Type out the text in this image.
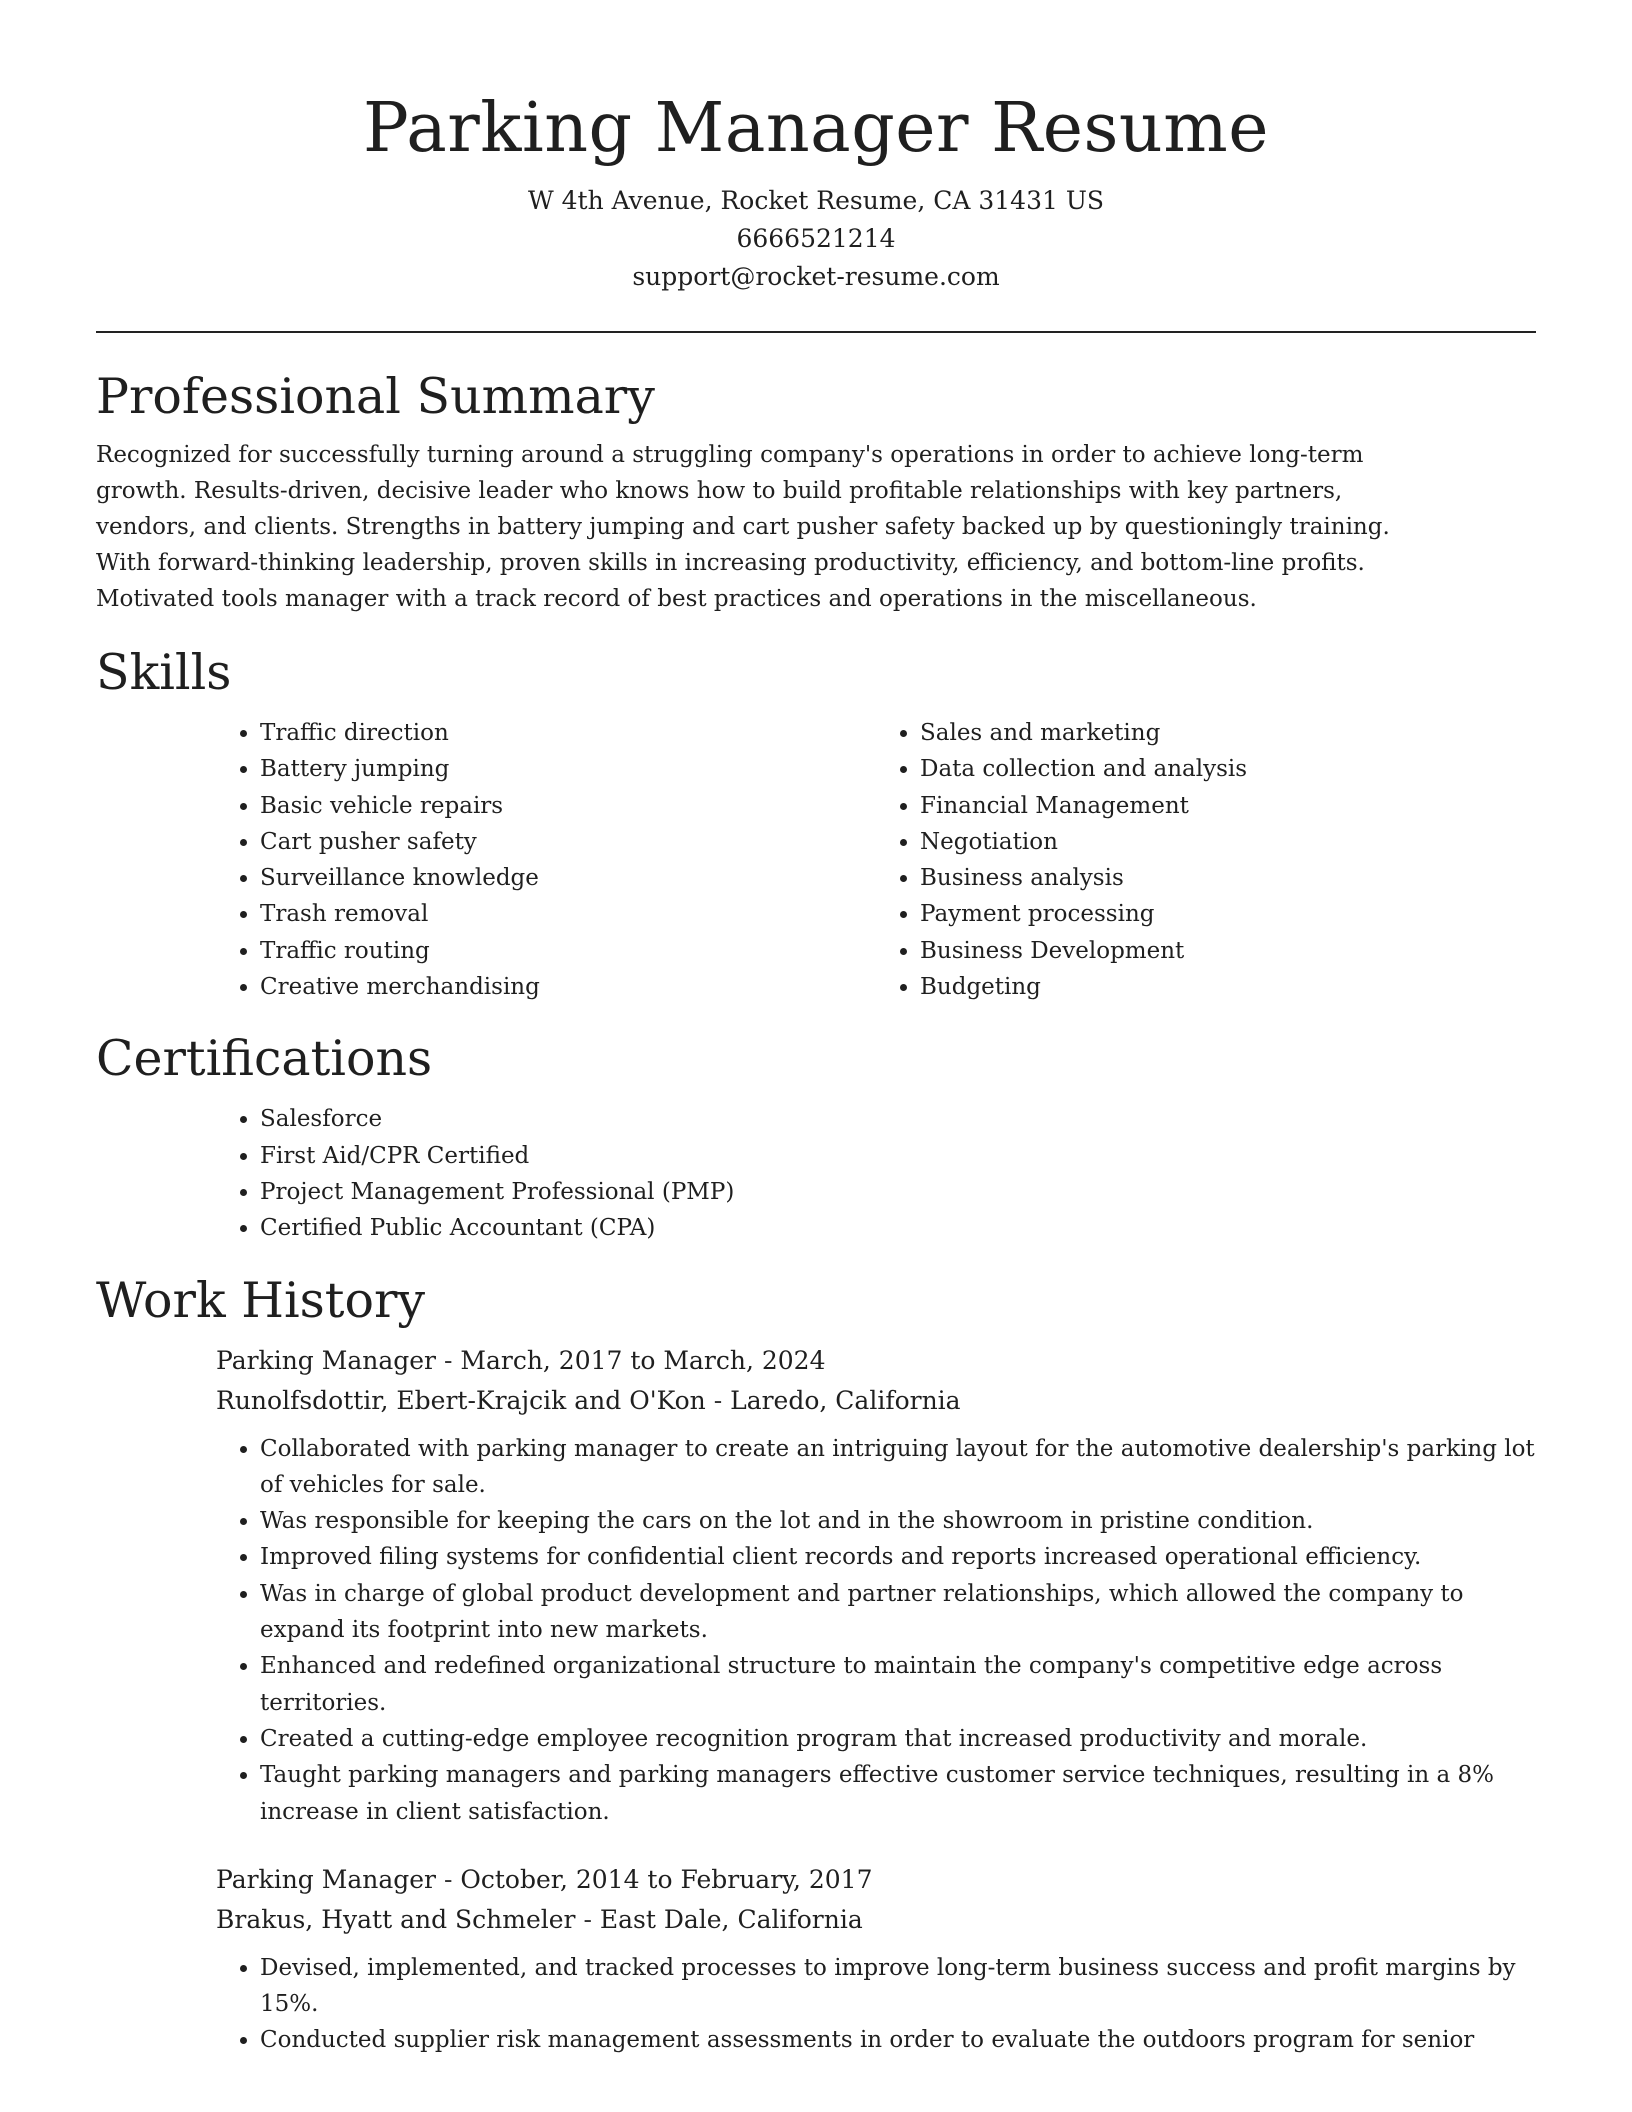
Parking Manager Resume

W 4th Avenue, Rocket Resume, CA 31431 US

6666521214

support@rocket-resume.com

Professional Summary

Recognized for successfully turning around a struggling company's operations in order to achieve long-term growth. Results-driven, decisive leader who knows how to build profitable relationships with key partners, vendors, and clients. Strengths in battery jumping and cart pusher safety backed up by questioningly training. With forward-thinking leadership, proven skills in increasing productivity, efficiency, and bottom-line profits. Motivated tools manager with a track record of best practices and operations in the miscellaneous.

Skills
• Traffic direction
• Battery jumping
• Basic vehicle repairs
• Cart pusher safety
• Surveillance knowledge
• Trash removal
• Traffic routing
• Creative merchandising
• Sales and marketing
• Data collection and analysis
• Financial Management
• Negotiation
• Business analysis
• Payment processing
• Business Development
• Budgeting
Certifications
• Salesforce
• First Aid/CPR Certified
• Project Management Professional (PMP)
• Certified Public Accountant (CPA)
Work History
Parking Manager - March, 2017 to March, 2024
Runolfsdottir, Ebert-Krajcik and O'Kon - Laredo, California
• Collaborated with parking manager to create an intriguing layout for the automotive dealership's parking lot of vehicles for sale.
• Was responsible for keeping the cars on the lot and in the showroom in pristine condition.
• Improved filing systems for confidential client records and reports increased operational efficiency.
• Was in charge of global product development and partner relationships, which allowed the company to expand its footprint into new markets.
• Enhanced and redefined organizational structure to maintain the company's competitive edge across territories.
• Created a cutting-edge employee recognition program that increased productivity and morale.
• Taught parking managers and parking managers effective customer service techniques, resulting in a 8% increase in client satisfaction.
Parking Manager - October, 2014 to February, 2017
Brakus, Hyatt and Schmeler - East Dale, California
• Devised, implemented, and tracked processes to improve long-term business success and profit margins by 15%.
• Conducted supplier risk management assessments in order to evaluate the outdoors program for senior
